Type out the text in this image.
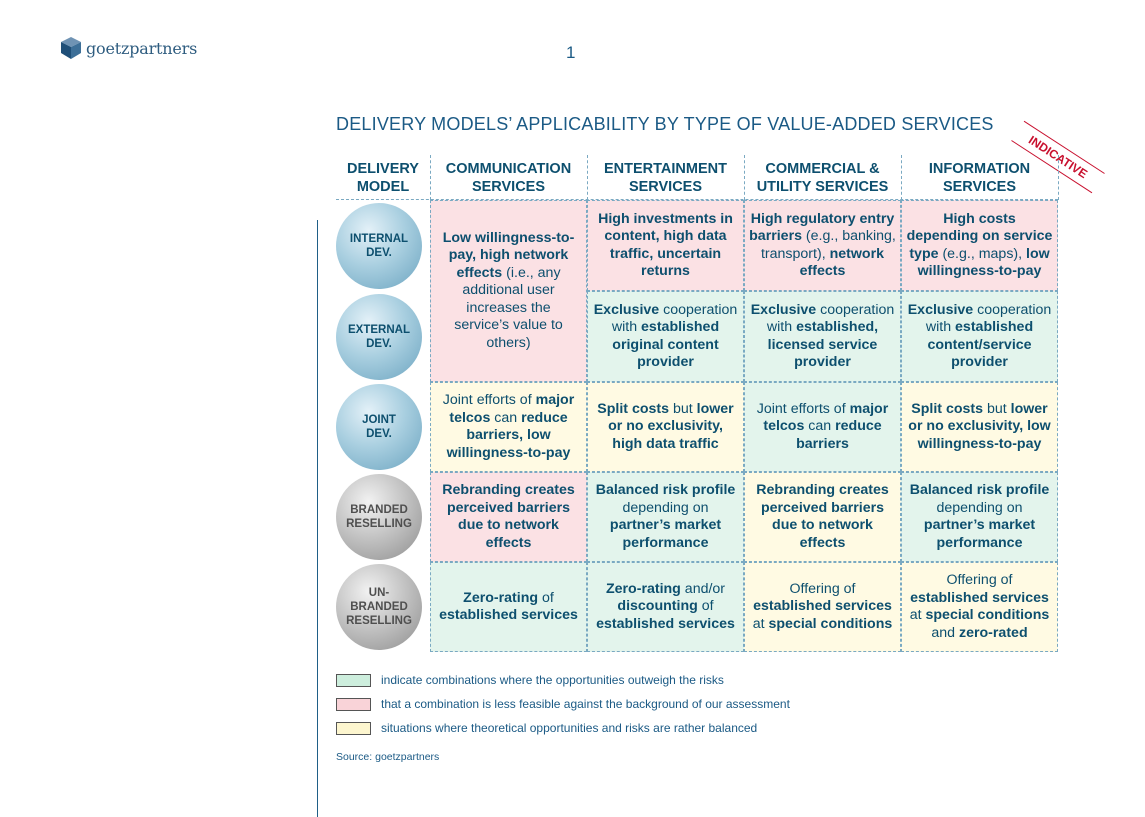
goetzpartners	1
DELIVERY MODELS’ APPLICABILITY BY TYPE OF VALUE-ADDED SERVICES
INDICATIVE
DELIVERY
MODEL
COMMUNICATION
SERVICES
ENTERTAINMENT
SERVICES
COMMERCIAL &
UTILITY SERVICES
INFORMATION
SERVICES
INTERNAL
DEV.
EXTERNAL
DEV.
JOINT
DEV.
BRANDED
RESELLING
UN-
BRANDED
RESELLING
Low willingness-to-pay, high network effects (i.e., any additional user increases the service’s value to others)
High investments in content, high data traffic, uncertain returns
High regulatory entry barriers (e.g., banking, transport), network effects
High costs depending on service type (e.g., maps), low willingness-to-pay
Exclusive cooperation with established original content provider
Exclusive cooperation with established, licensed service provider
Exclusive cooperation with established content/service provider
Joint efforts of major telcos can reduce barriers, low willingness-to-pay
Split costs but lower or no exclusivity, high data traffic
Joint efforts of major telcos can reduce barriers
Split costs but lower or no exclusivity, low willingness-to-pay
Rebranding creates perceived barriers due to network effects
Balanced risk profile depending on partner’s market performance
Rebranding creates perceived barriers due to network effects
Balanced risk profile depending on partner’s market performance
Zero-rating of established services
Zero-rating and/or discounting of established services
Offering of established services at special conditions
Offering of established services at special conditions and zero-rated
indicate combinations where the opportunities outweigh the risks
that a combination is less feasible against the background of our assessment
situations where theoretical opportunities and risks are rather balanced
Source: goetzpartners
